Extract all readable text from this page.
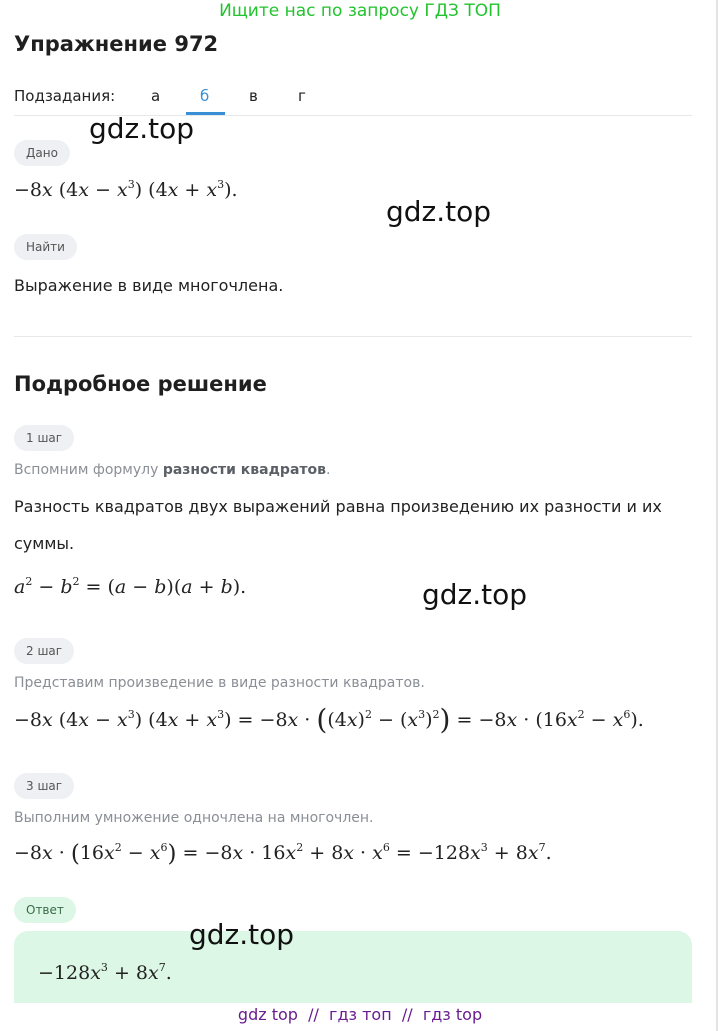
Ищите нас по запросу ГДЗ ТОП
Упражнение 972
Подзадания: а	б	в	г
gdz.top
Дано
−8x $(4x - x^3)$ $(4x + x^3)$.
gdz.top
Найти
Выражение в виде многочлена.
Подробное решение
1 шаг
Вспомним формулу разности квадратов.
Разность квадратов двух выражений равна произведению их разности и их
суммы.
$a^2 - b^2 = (a - b)(a + b)$.	gdz.top
2 шаг
Представим произведение в виде разности квадратов.
−8x $(4x - x^3)$ $(4x + x^3) = -8x \cdot ((4x)^2 - (x^3)^2) = -8x \cdot (16x^2 - x^6)$.
3 шаг
Выполним умножение одночлена на многочлен.
$-8x \cdot (16x^2 - x^6) = -8x \cdot 16x^2 + 8x \cdot x^6 = -128x^3 + 8x^7$.
Ответ
$-128x^3 + 8x^7$.
gdz.top
gdz top // гдз топ // гдз top
